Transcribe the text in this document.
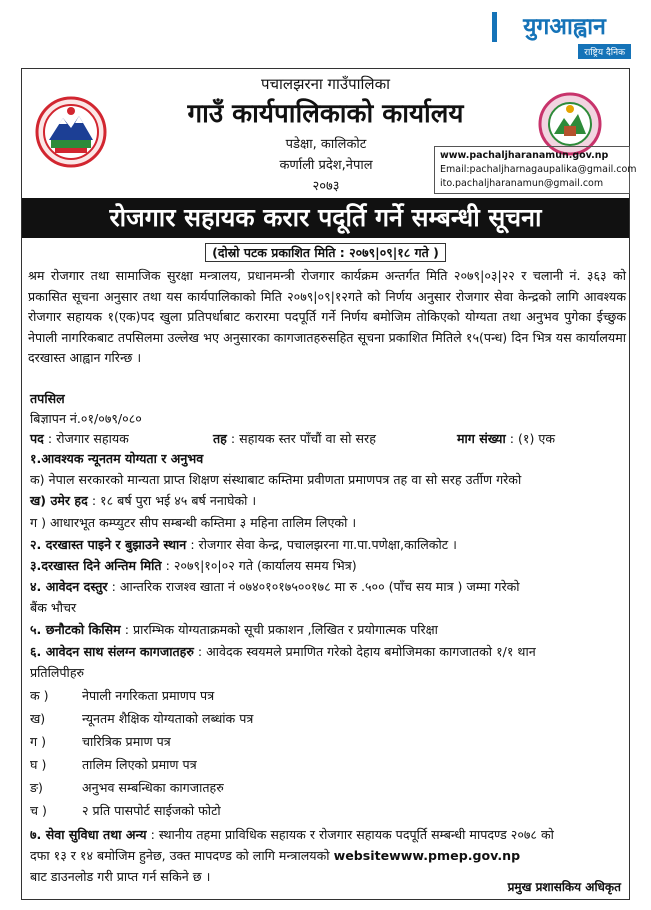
युगआह्वान
राष्ट्रिय दैनिक
पचालझरना गाउँपालिका
गाउँ कार्यपालिकाको कार्यालय
पडेक्षा, कालिकोट
कर्णाली प्रदेश,नेपाल
२०७३
www.pachaljharanamun.gov.np
Email:pachaljharnagaupalika@gmail.com
ito.pachaljharanamun@gmail.com
रोजगार सहायक करार पदूर्ति गर्ने सम्बन्धी सूचना
(दोस्रो पटक प्रकाशित मिति : २०७९|०९|१८ गते )
श्रम रोजगार तथा सामाजिक सुरक्षा मन्त्रालय, प्रधानमन्त्री रोजगार कार्यक्रम अन्तर्गत मिति २०७९|०३|२२ र चलानी नं. ३६३ को प्रकासित सूचना अनुसार तथा यस कार्यपालिकाको मिति २०७९|०९|१२गते को निर्णय अनुसार रोजगार सेवा केन्द्रको लागि आवश्यक रोजगार सहायक १(एक)पद खुला प्रतिपर्धाबाट करारमा पदपूर्ति गर्ने निर्णय बमोजिम तोकिएको योग्यता तथा अनुभव पुगेका ईच्छुक नेपाली नागरिकबाट तपसिलमा उल्लेख भए अनुसारका कागजातहरुसहित सूचना प्रकाशित मितिले १५(पन्ध) दिन भित्र यस कार्यालयमा दरखास्त आह्वान गरिन्छ ।
तपसिल
बिज्ञापन नं.०१/०७९/०८०
पद : रोजगार सहायक	तह : सहायक स्तर पाँचौं वा सो सरह	माग संख्या : (१) एक
१.आवश्यक न्यूनतम योग्यता र अनुभव
क) नेपाल सरकारको मान्यता प्राप्त शिक्षण संस्थाबाट कम्तिमा प्रवीणता प्रमाणपत्र तह वा सो सरह उर्तीण गरेको
ख) उमेर हद : १८ बर्ष पुरा भई ४५ बर्ष ननाघेको ।
ग ) आधारभूत कम्प्युटर सीप सम्बन्धी कम्तिमा ३ महिना तालिम लिएको ।
२. दरखास्त पाइने र बुझाउने स्थान : रोजगार सेवा केन्द्र, पचालझरना गा.पा.पणेक्षा,कालिकोट ।
३.दरखास्त दिने अन्तिम मिति : २०७९|१०|०२ गते (कार्यालय समय भित्र)
४. आवेदन दस्तुर : आन्तरिक राजश्व खाता नं ०७४०१०१७५००१७८ मा रु .५०० (पाँच सय मात्र ) जम्मा गरेको
बैंक भौचर
५. छनौटको किसिम : प्रारम्भिक योग्यताक्रमको सूची प्रकाशन ,लिखित र प्रयोगात्मक परिक्षा
६. आवेदन साथ संलग्न कागजातहरु : आवेदक स्वयमले प्रमाणित गरेको देहाय बमोजिमका कागजातको १/१ थान
प्रतिलिपीहरु
क )	नेपाली नगरिकता प्रमाणप पत्र
ख)	न्यूनतम शैक्षिक योग्यताको लब्धांक पत्र
ग )	चारित्रिक प्रमाण पत्र
घ )	तालिम लिएको प्रमाण पत्र
ङ)	अनुभव सम्बन्धिका कागजातहरु
च )	२ प्रति पासपोर्ट साईजको फोटो
७. सेवा सुविधा तथा अन्य : स्थानीय तहमा प्राविधिक सहायक र रोजगार सहायक पदपूर्ति सम्बन्धी मापदण्ड २०७८ को
दफा १३ र १४ बमोजिम हुनेछ, उक्त मापदण्ड को लागि मन्त्रालयको websitewww.pmep.gov.np
बाट डाउनलोड गरी प्राप्त गर्न सकिने छ ।
प्रमुख प्रशासकिय अधिकृत
